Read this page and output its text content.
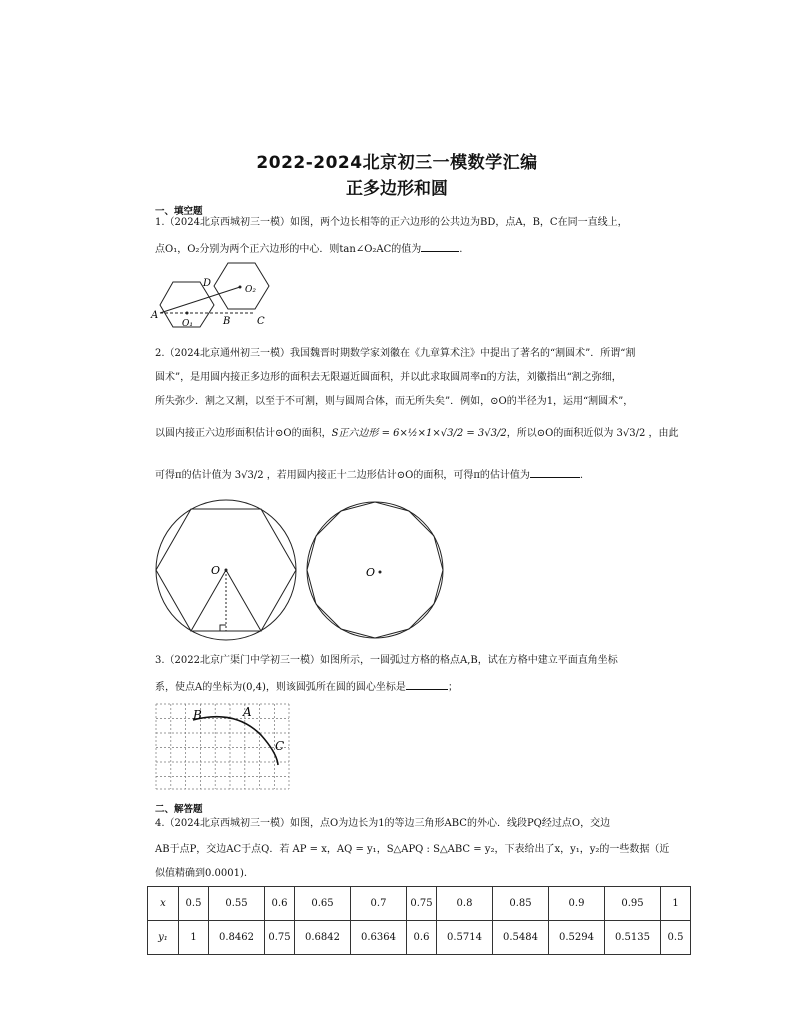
2022-2024北京初三一模数学汇编
正多边形和圆
一、填空题
1.（2024北京西城初三一模）如图，两个边长相等的正六边形的公共边为BD，点A，B，C在同一直线上，
点O₁，O₂分别为两个正六边形的中心．则tan∠O₂AC的值为	.
A
B	C
D
O₁
O₂
2.（2024北京通州初三一模）我国魏晋时期数学家刘徽在《九章算术注》中提出了著名的“割圆术”．所谓“割
圆术”，是用圆内接正多边形的面积去无限逼近圆面积，并以此求取圆周率π的方法，刘徽指出“割之弥细，
所失弥少．割之又割，以至于不可割，则与圆周合体，而无所失矣”．例如，⊙O的半径为1，运用“割圆术”，
以圆内接正六边形面积估计⊙O的面积，S正六边形 = 6×½×1×√3/2 = 3√3/2，所以⊙O的面积近似为 3√3/2 ，由此
可得π的估计值为 3√3/2 ，若用圆内接正十二边形估计⊙O的面积，可得π的估计值为	.
O	O
3.（2022北京广渠门中学初三一模）如图所示，一圆弧过方格的格点A,B，试在方格中建立平面直角坐标
系，使点A的坐标为(0,4)，则该圆弧所在圆的圆心坐标是	；
B	A
C
二、解答题
4.（2024北京西城初三一模）如图，点O为边长为1的等边三角形ABC的外心．线段PQ经过点O，交边
AB于点P，交边AC于点Q．若 AP = x，AQ = y₁，S△APQ : S△ABC = y₂，下表给出了x，y₁，y₂的一些数据（近
似值精确到0.0001).
x	0.5	0.55	0.6	0.65	0.7	0.75	0.8	0.85	0.9	0.95	1
y₁	1	0.8462	0.75	0.6842	0.6364	0.6	0.5714	0.5484	0.5294	0.5135	0.5
